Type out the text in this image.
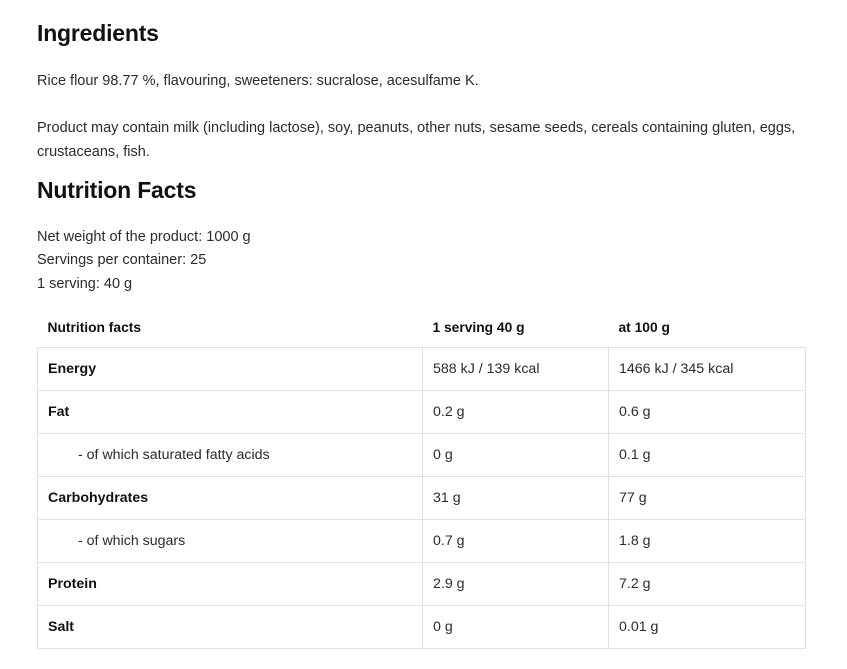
Ingredients

Rice flour 98.77 %, flavouring, sweeteners: sucralose, acesulfame K.

Product may contain milk (including lactose), soy, peanuts, other nuts, sesame seeds, cereals containing gluten, eggs, crustaceans, fish.

Nutrition Facts
Net weight of the product: 1000 g
Servings per container: 25
1 serving: 40 g
Nutrition facts	1 serving 40 g	at 100 g
Energy	588 kJ / 139 kcal	1466 kJ / 345 kcal
Fat	0.2 g	0.6 g
- of which saturated fatty acids	0 g	0.1 g
Carbohydrates	31 g	77 g
- of which sugars	0.7 g	1.8 g
Protein	2.9 g	7.2 g
Salt	0 g	0.01 g
